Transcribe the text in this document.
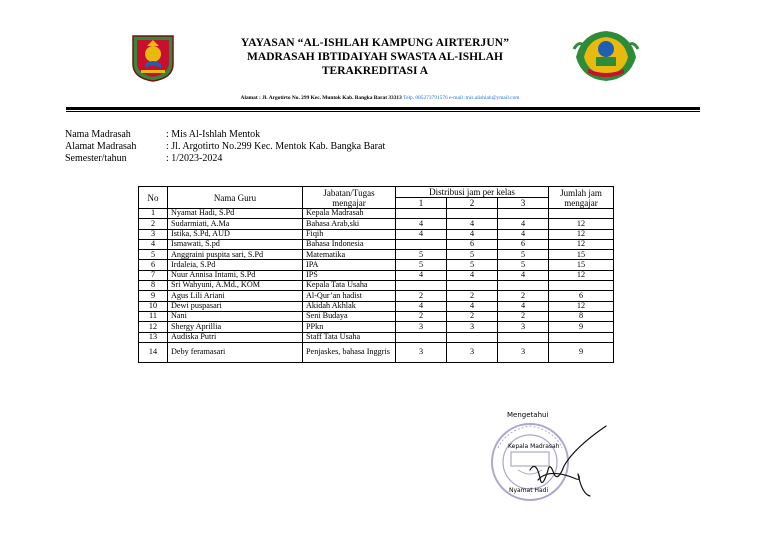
YAYASAN “AL-ISHLAH KAMPUNG AIRTERJUN”
MADRASAH IBTIDAIYAH SWASTA AL-ISHLAH
TERAKREDITASI A
Alamat : Jl. Argotirto No. 299 Kec. Muntok Kab. Bangka Barat 33313 Telp. 085273791576 e-mail :mis.alishlah@ymail.com
Nama Madrasah	: Mis Al-Ishlah Mentok
Alamat Madrasah	: Jl. Argotirto No.299 Kec. Mentok Kab. Bangka Barat
Semester/tahun	: 1/2023-2024
No	Nama Guru	Jabatan/Tugas mengajar	Distribusi jam per kelas			Jumlah jam mengajar
			1	2	3	
1	Nyamat Hadi, S.Pd	Kepala Madrasah				
2	Sudarmiati, A.Ma	Bahasa Arab,ski	4	4	4	12
3	Istika, S.Pd, AUD	Fiqih	4	4	4	12
4	Ismawati, S.pd	Bahasa Indonesia		6	6	12
5	Anggraini puspita sari, S.Pd	Matematika	5	5	5	15
6	Irdaleia, S.Pd	IPA	5	5	5	15
7	Nuur Annisa Intami, S.Pd	IPS	4	4	4	12
8	Sri Wahyuni, A.Md., KOM	Kepala Tata Usaha				
9	Agus Lili Ariani	Al-Qur’an hadist	2	2	2	6
10	Dewi puspasari	Akidah Akhlak	4	4	4	12
11	Nani	Seni Budaya	2	2	2	8
12	Shergy Aprillia	PPkn	3	3	3	9
13	Audiska Putri	Staff Tata Usaha				
14	Deby feramasari	Penjaskes, bahasa Inggris	3	3	3	9
Mengetahui
Kepala Madrasah
Nyamat Hadi
